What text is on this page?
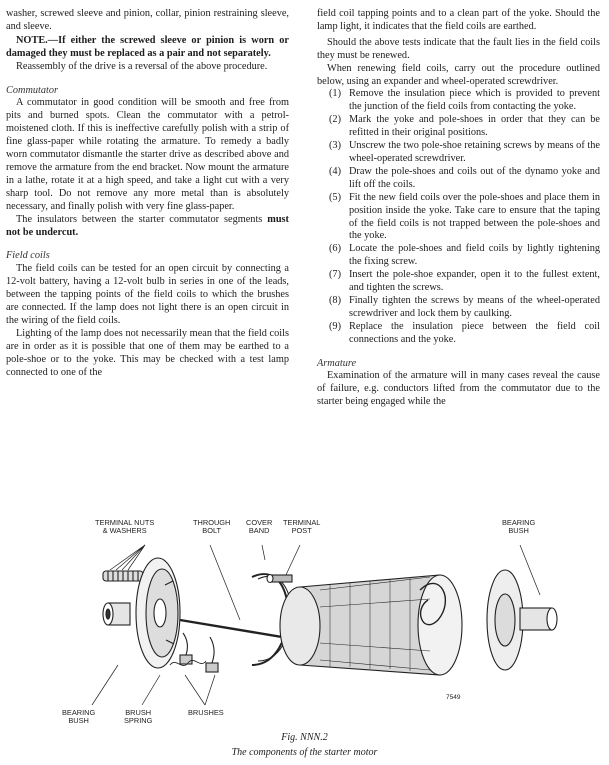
washer, screwed sleeve and pinion, collar, pinion restraining sleeve, and sleeve.

NOTE.—If either the screwed sleeve or pinion is worn or damaged they must be replaced as a pair and not separately.

Reassembly of the drive is a reversal of the above procedure.

Commutator

A commutator in good condition will be smooth and free from pits and burned spots. Clean the commutator with a petrol-moistened cloth. If this is ineffective carefully polish with a strip of fine glass-paper while rotating the armature. To remedy a badly worn commutator dismantle the starter drive as described above and remove the armature from the end bracket. Now mount the armature in a lathe, rotate it at a high speed, and take a light cut with a very sharp tool. Do not remove any more metal than is absolutely necessary, and finally polish with very fine glass-paper.

The insulators between the starter commutator segments must not be undercut.

Field coils

The field coils can be tested for an open circuit by connecting a 12-volt battery, having a 12-volt bulb in series in one of the leads, between the tapping points of the field coils to which the brushes are connected. If the lamp does not light there is an open circuit in the wiring of the field coils.

Lighting of the lamp does not necessarily mean that the field coils are in order as it is possible that one of them may be earthed to a pole-shoe or to the yoke. This may be checked with a test lamp connected to one of the

field coil tapping points and to a clean part of the yoke. Should the lamp light, it indicates that the field coils are earthed.

Should the above tests indicate that the fault lies in the field coils they must be renewed.

When renewing field coils, carry out the procedure outlined below, using an expander and wheel-operated screwdriver.

(1) Remove the insulation piece which is provided to prevent the junction of the field coils from contacting the yoke.
(2) Mark the yoke and pole-shoes in order that they can be refitted in their original positions.
(3) Unscrew the two pole-shoe retaining screws by means of the wheel-operated screwdriver.
(4) Draw the pole-shoes and coils out of the dynamo yoke and lift off the coils.
(5) Fit the new field coils over the pole-shoes and place them in position inside the yoke. Take care to ensure that the taping of the field coils is not trapped between the pole-shoes and the yoke.
(6) Locate the pole-shoes and field coils by lightly tightening the fixing screw.
(7) Insert the pole-shoe expander, open it to the fullest extent, and tighten the screws.
(8) Finally tighten the screws by means of the wheel-operated screwdriver and lock them by caulking.
(9) Replace the insulation piece between the field coil connections and the yoke.

Armature

Examination of the armature will in many cases reveal the cause of failure, e.g. conductors lifted from the commutator due to the starter being engaged while the

TERMINAL NUTS
& WASHERS
THROUGH
BOLT
COVER
BAND
TERMINAL
POST
BEARING
BUSH
BEARING
BUSH
BRUSH
SPRING
BRUSHES
7549
Fig. NNN.2
The components of the starter motor
